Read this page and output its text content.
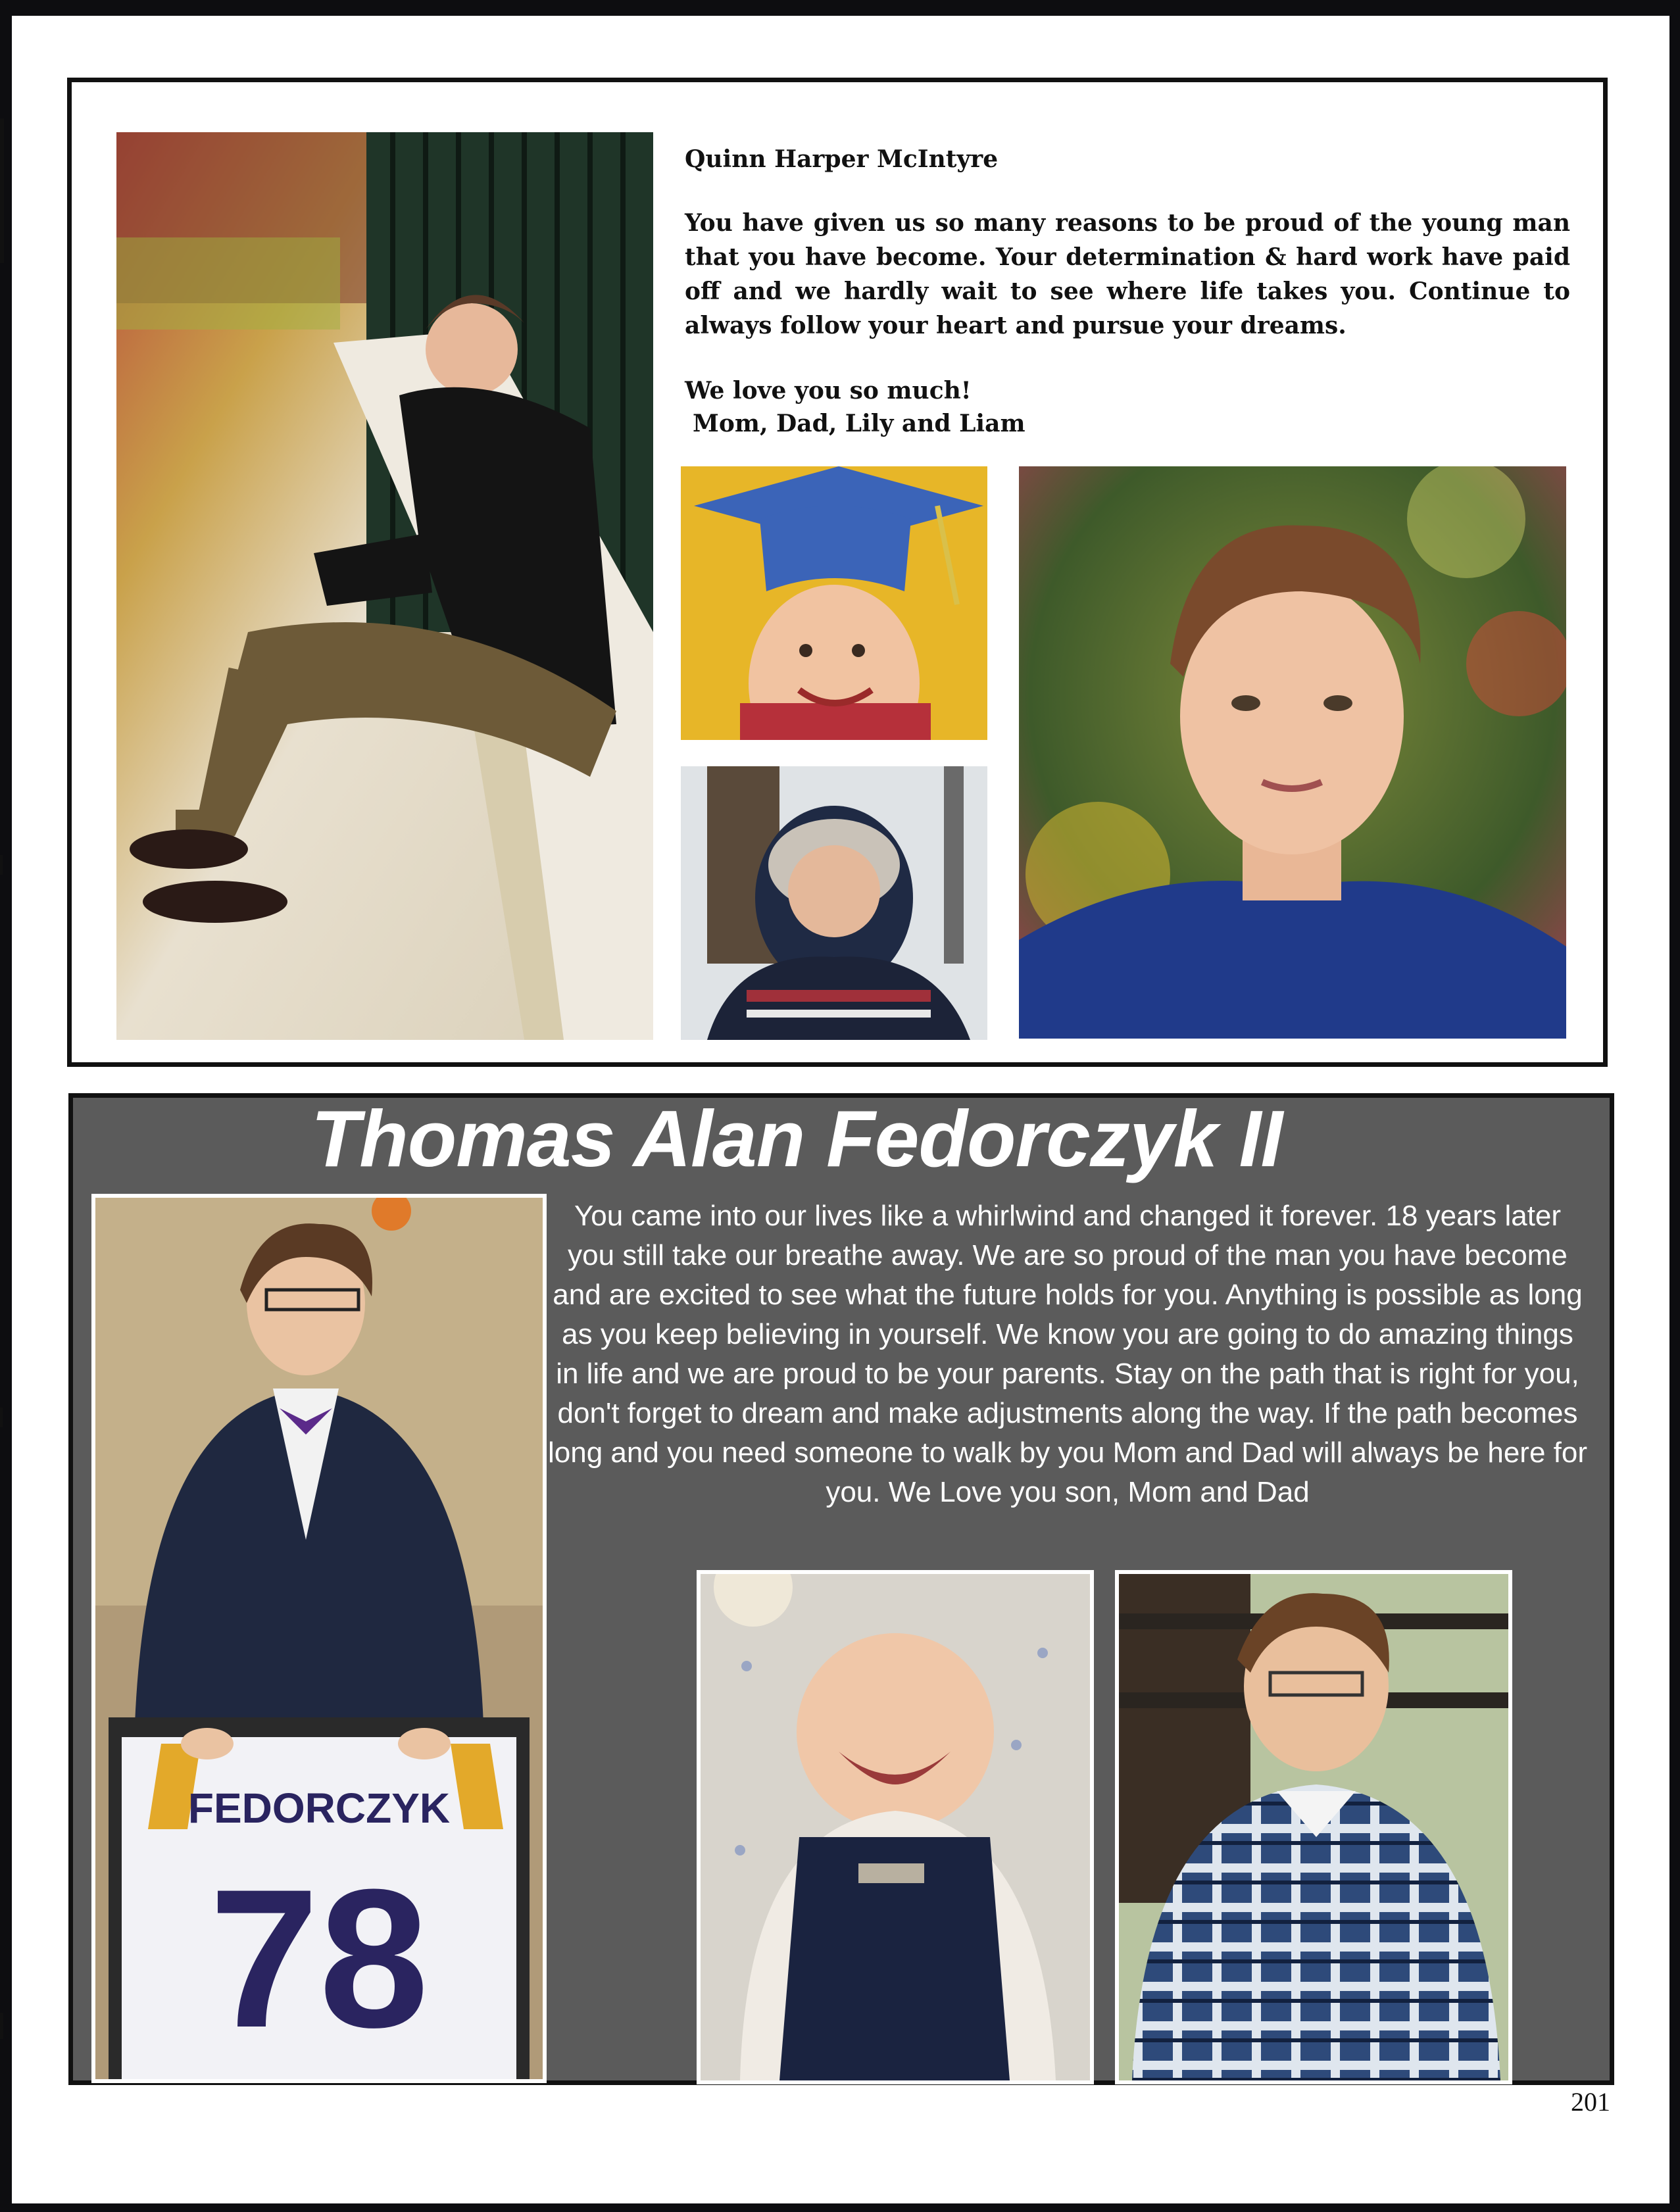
Quinn Harper McIntyre

You have given us so many reasons to be proud of the young man that you have become. Your determination & hard work have paid off and we hardly wait to see where life takes you. Continue to always follow your heart and pursue your dreams.

We love you so much!
Mom, Dad, Lily and Liam
Thomas Alan Fedorczyk II
FEDORCZYK
78
You came into our lives like a whirlwind and changed it forever. 18 years later you still take our breathe away. We are so proud of the man you have become and are excited to see what the future holds for you. Anything is possible as long as you keep believing in yourself. We know you are going to do amazing things in life and we are proud to be your parents. Stay on the path that is right for you, don't forget to dream and make adjustments along the way. If the path becomes long and you need someone to walk by you Mom and Dad will always be here for you. We Love you son, Mom and Dad
201
